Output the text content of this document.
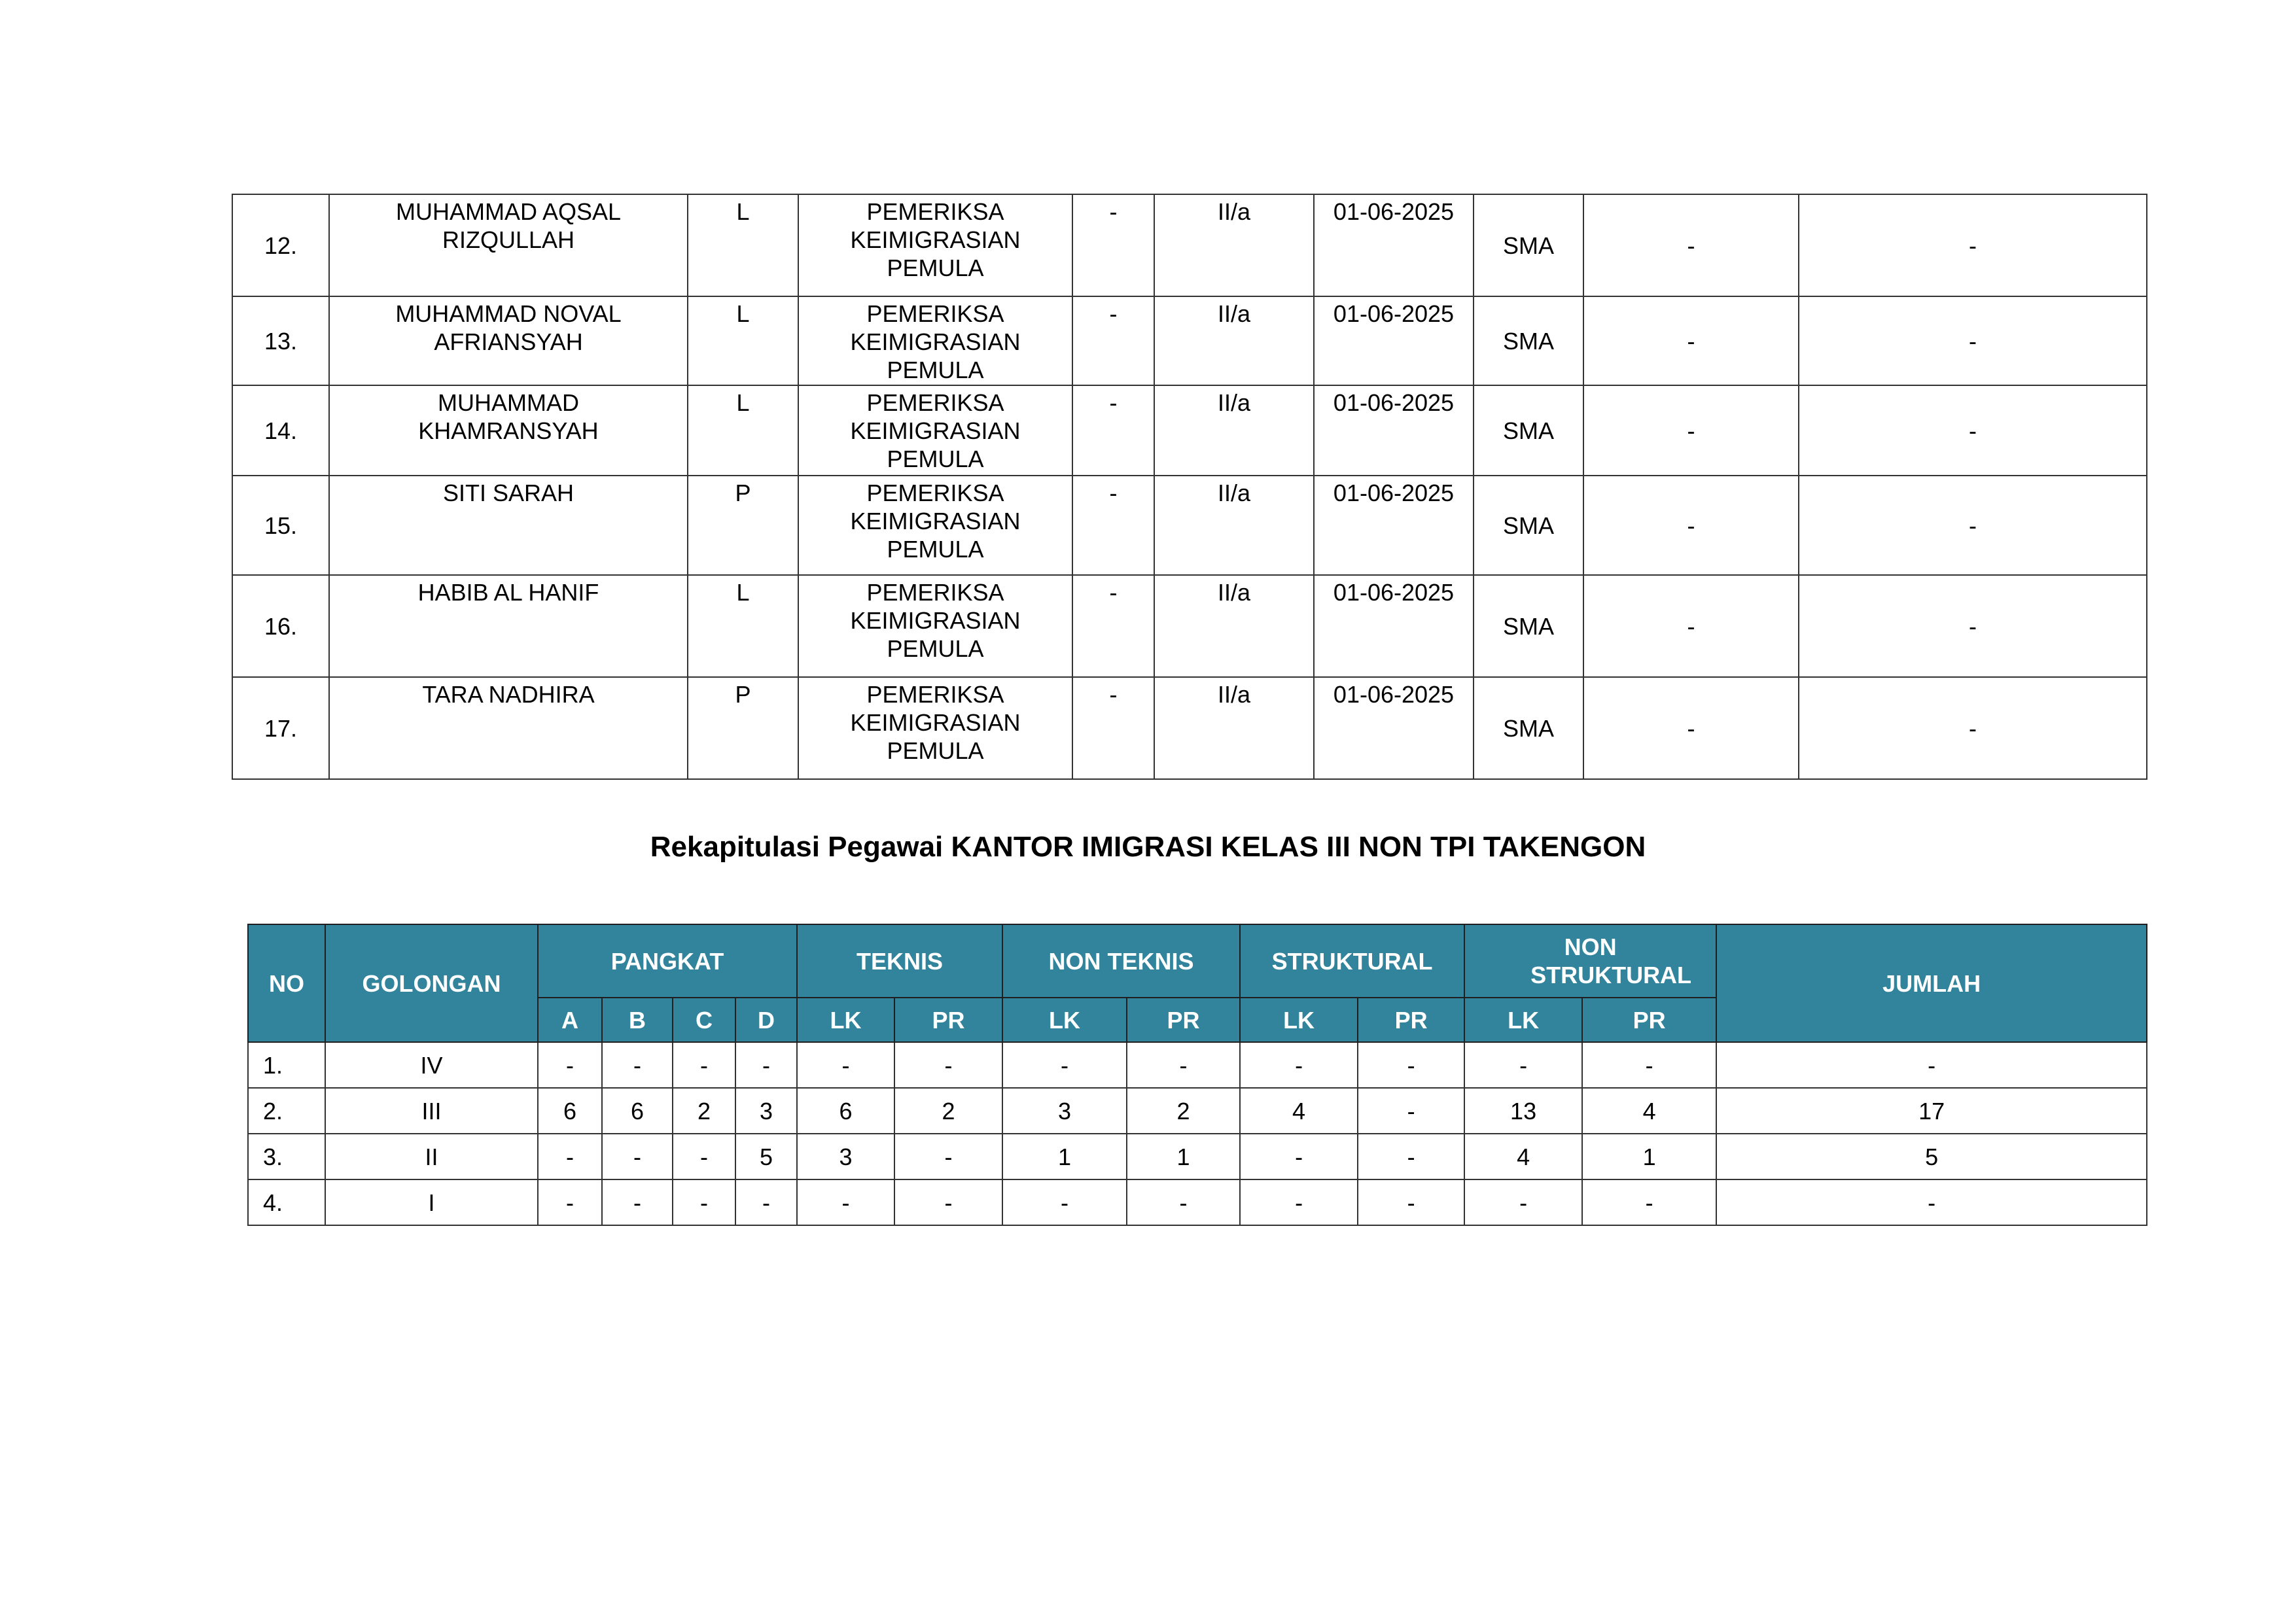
12.	MUHAMMAD AQSAL RIZQULLAH	L	PEMERIKSA KEIMIGRASIAN PEMULA	-	II/a	01-06-2025	SMA	-	-
13.	MUHAMMAD NOVAL AFRIANSYAH	L	PEMERIKSA KEIMIGRASIAN PEMULA	-	II/a	01-06-2025	SMA	-	-
14.	MUHAMMAD KHAMRANSYAH	L	PEMERIKSA KEIMIGRASIAN PEMULA	-	II/a	01-06-2025	SMA	-	-
15.	SITI SARAH	P	PEMERIKSA KEIMIGRASIAN PEMULA	-	II/a	01-06-2025	SMA	-	-
16.	HABIB AL HANIF	L	PEMERIKSA KEIMIGRASIAN PEMULA	-	II/a	01-06-2025	SMA	-	-
17.	TARA NADHIRA	P	PEMERIKSA KEIMIGRASIAN PEMULA	-	II/a	01-06-2025	SMA	-	-
Rekapitulasi Pegawai KANTOR IMIGRASI KELAS III NON TPI TAKENGON
NO	GOLONGAN	PANGKAT				TEKNIS		NON TEKNIS		STRUKTURAL		NON STRUKTURAL		JUMLAH
		A	B	C	D	LK	PR	LK	PR	LK	PR	LK	PR	
1.	IV	-	-	-	-	-	-	-	-	-	-	-	-	-
2.	III	6	6	2	3	6	2	3	2	4	-	13	4	17
3.	II	-	-	-	5	3	-	1	1	-	-	4	1	5
4.	I	-	-	-	-	-	-	-	-	-	-	-	-	-
